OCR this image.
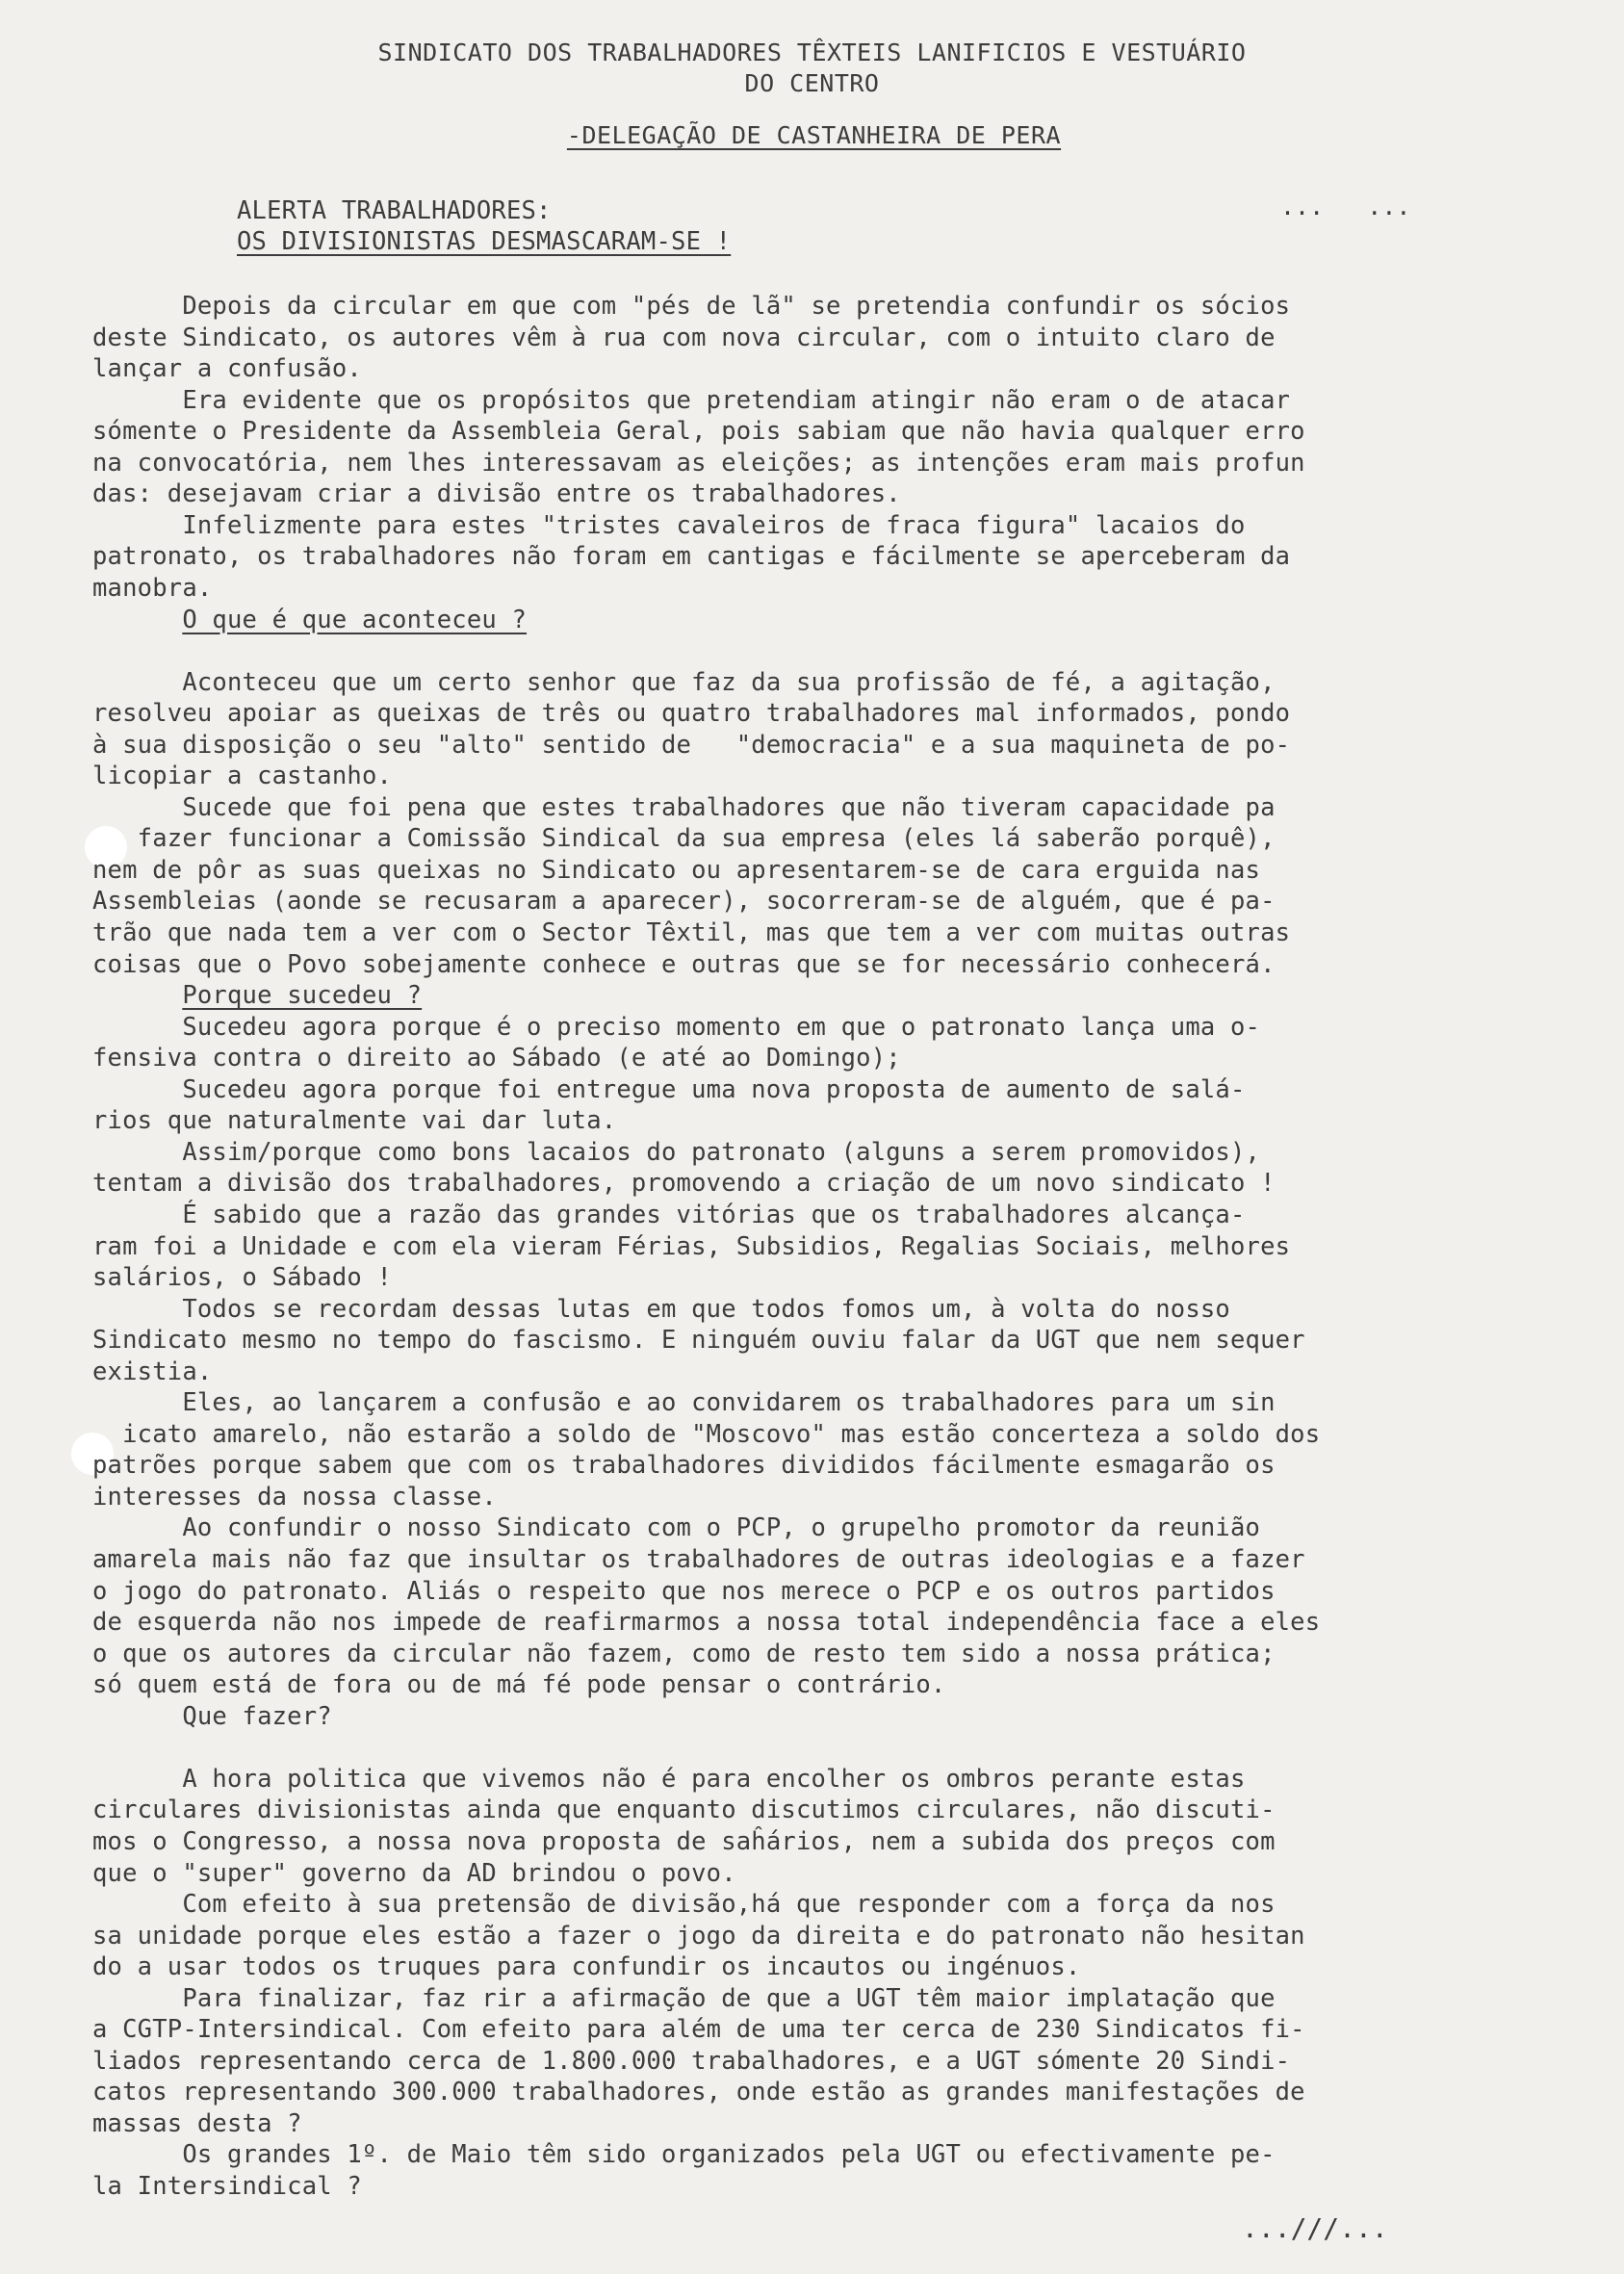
SINDICATO DOS TRABALHADORES TÊXTEIS LANIFICIOS E VESTUÁRIO
DO CENTRO
-DELEGAÇÃO DE CASTANHEIRA DE PERA
ALERTA TRABALHADORES:
OS DIVISIONISTAS DESMASCARAM-SE !
...   ...
Depois da circular em que com "pés de lã" se pretendia confundir os sócios
deste Sindicato, os autores vêm à rua com nova circular, com o intuito claro de
lançar a confusão.
Era evidente que os propósitos que pretendiam atingir não eram o de atacar
sómente o Presidente da Assembleia Geral, pois sabiam que não havia qualquer erro
na convocatória, nem lhes interessavam as eleições; as intenções eram mais profun
das: desejavam criar a divisão entre os trabalhadores.
Infelizmente para estes "tristes cavaleiros de fraca figura" lacaios do
patronato, os trabalhadores não foram em cantigas e fácilmente se aperceberam da
manobra.
O que é que aconteceu ?
Aconteceu que um certo senhor que faz da sua profissão de fé, a agitação,
resolveu apoiar as queixas de três ou quatro trabalhadores mal informados, pondo
à sua disposição o seu "alto" sentido de   "democracia" e a sua maquineta de po-
licopiar a castanho.
Sucede que foi pena que estes trabalhadores que não tiveram capacidade pa
fazer funcionar a Comissão Sindical da sua empresa (eles lá saberão porquê),
nem de pôr as suas queixas no Sindicato ou apresentarem-se de cara erguida nas
Assembleias (aonde se recusaram a aparecer), socorreram-se de alguém, que é pa-
trão que nada tem a ver com o Sector Têxtil, mas que tem a ver com muitas outras
coisas que o Povo sobejamente conhece e outras que se for necessário conhecerá.
Porque sucedeu ?
Sucedeu agora porque é o preciso momento em que o patronato lança uma o-
fensiva contra o direito ao Sábado (e até ao Domingo);
Sucedeu agora porque foi entregue uma nova proposta de aumento de salá-
rios que naturalmente vai dar luta.
Assim/porque como bons lacaios do patronato (alguns a serem promovidos),
tentam a divisão dos trabalhadores, promovendo a criação de um novo sindicato !
É sabido que a razão das grandes vitórias que os trabalhadores alcança-
ram foi a Unidade e com ela vieram Férias, Subsidios, Regalias Sociais, melhores
salários, o Sábado !
Todos se recordam dessas lutas em que todos fomos um, à volta do nosso
Sindicato mesmo no tempo do fascismo. E ninguém ouviu falar da UGT que nem sequer
existia.
Eles, ao lançarem a confusão e ao convidarem os trabalhadores para um sin
icato amarelo, não estarão a soldo de "Moscovo" mas estão concerteza a soldo dos
patrões porque sabem que com os trabalhadores divididos fácilmente esmagarão os
interesses da nossa classe.
Ao confundir o nosso Sindicato com o PCP, o grupelho promotor da reunião
amarela mais não faz que insultar os trabalhadores de outras ideologias e a fazer
o jogo do patronato. Aliás o respeito que nos merece o PCP e os outros partidos
de esquerda não nos impede de reafirmarmos a nossa total independência face a eles
o que os autores da circular não fazem, como de resto tem sido a nossa prática;
só quem está de fora ou de má fé pode pensar o contrário.
Que fazer?
A hora politica que vivemos não é para encolher os ombros perante estas
circulares divisionistas ainda que enquanto discutimos circulares, não discuti-
mos o Congresso, a nossa nova proposta de saĥários, nem a subida dos preços com
que o "super" governo da AD brindou o povo.
Com efeito à sua pretensão de divisão,há que responder com a força da nos
sa unidade porque eles estão a fazer o jogo da direita e do patronato não hesitan
do a usar todos os truques para confundir os incautos ou ingénuos.
Para finalizar, faz rir a afirmação de que a UGT têm maior implatação que
a CGTP-Intersindical. Com efeito para além de uma ter cerca de 230 Sindicatos fi-
liados representando cerca de 1.800.000 trabalhadores, e a UGT sómente 20 Sindi-
catos representando 300.000 trabalhadores, onde estão as grandes manifestações de
massas desta ?
Os grandes 1º. de Maio têm sido organizados pela UGT ou efectivamente pe-
la Intersindical ?
...///...
